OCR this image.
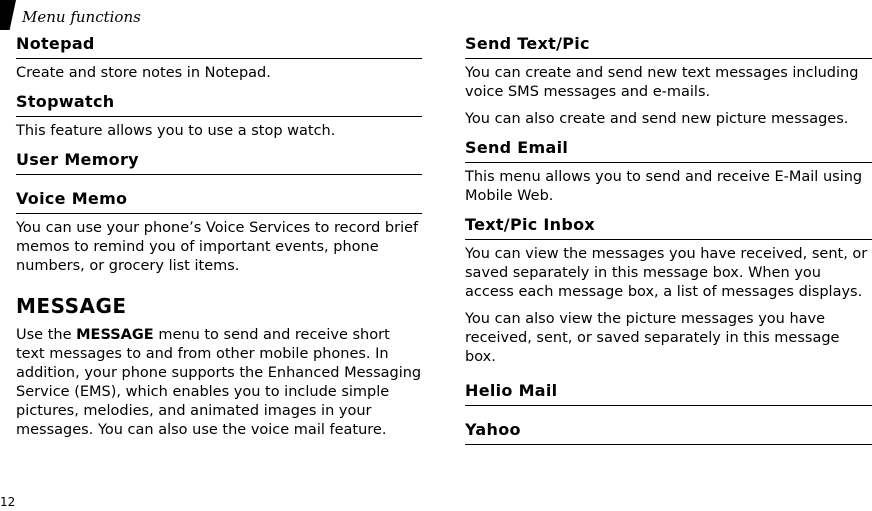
Menu functions
Notepad

Create and store notes in Notepad.

Stopwatch

This feature allows you to use a stop watch.

User Memory
Voice Memo

You can use your phone’s Voice Services to record brief memos to remind you of important events, phone numbers, or grocery list items.

MESSAGE

Use the MESSAGE menu to send and receive short text messages to and from other mobile phones. In addition, your phone supports the Enhanced Messaging Service (EMS), which enables you to include simple pictures, melodies, and animated images in your messages. You can also use the voice mail feature.

Send Text/Pic

You can create and send new text messages including voice SMS messages and e-mails.

You can also create and send new picture messages.

Send Email

This menu allows you to send and receive E-Mail using Mobile Web.

Text/Pic Inbox

You can view the messages you have received, sent, or saved separately in this message box. When you access each message box, a list of messages displays.

You can also view the picture messages you have received, sent, or saved separately in this message box.

Helio Mail
Yahoo
12
